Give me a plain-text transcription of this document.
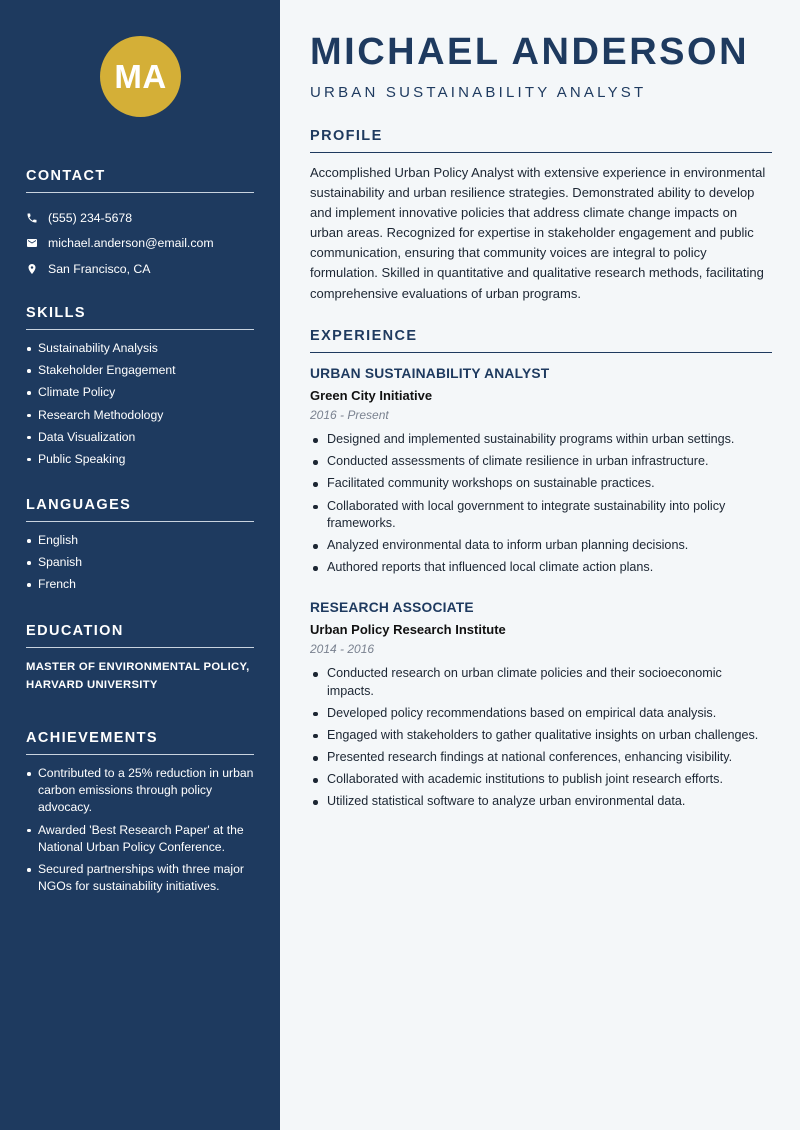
MA
CONTACT
(555) 234-5678
michael.anderson@email.com
San Francisco, CA
SKILLS
Sustainability Analysis
Stakeholder Engagement
Climate Policy
Research Methodology
Data Visualization
Public Speaking
LANGUAGES
English
Spanish
French
EDUCATION

MASTER OF ENVIRONMENTAL POLICY, HARVARD UNIVERSITY

ACHIEVEMENTS
Contributed to a 25% reduction in urban carbon emissions through policy advocacy.
Awarded 'Best Research Paper' at the National Urban Policy Conference.
Secured partnerships with three major NGOs for sustainability initiatives.
MICHAEL ANDERSON
URBAN SUSTAINABILITY ANALYST
PROFILE

Accomplished Urban Policy Analyst with extensive experience in environmental sustainability and urban resilience strategies. Demonstrated ability to develop and implement innovative policies that address climate change impacts on urban areas. Recognized for expertise in stakeholder engagement and public communication, ensuring that community voices are integral to policy formulation. Skilled in quantitative and qualitative research methods, facilitating comprehensive evaluations of urban programs.

EXPERIENCE
URBAN SUSTAINABILITY ANALYST
Green City Initiative
2016 - Present
Designed and implemented sustainability programs within urban settings.
Conducted assessments of climate resilience in urban infrastructure.
Facilitated community workshops on sustainable practices.
Collaborated with local government to integrate sustainability into policy frameworks.
Analyzed environmental data to inform urban planning decisions.
Authored reports that influenced local climate action plans.
RESEARCH ASSOCIATE
Urban Policy Research Institute
2014 - 2016
Conducted research on urban climate policies and their socioeconomic impacts.
Developed policy recommendations based on empirical data analysis.
Engaged with stakeholders to gather qualitative insights on urban challenges.
Presented research findings at national conferences, enhancing visibility.
Collaborated with academic institutions to publish joint research efforts.
Utilized statistical software to analyze urban environmental data.
